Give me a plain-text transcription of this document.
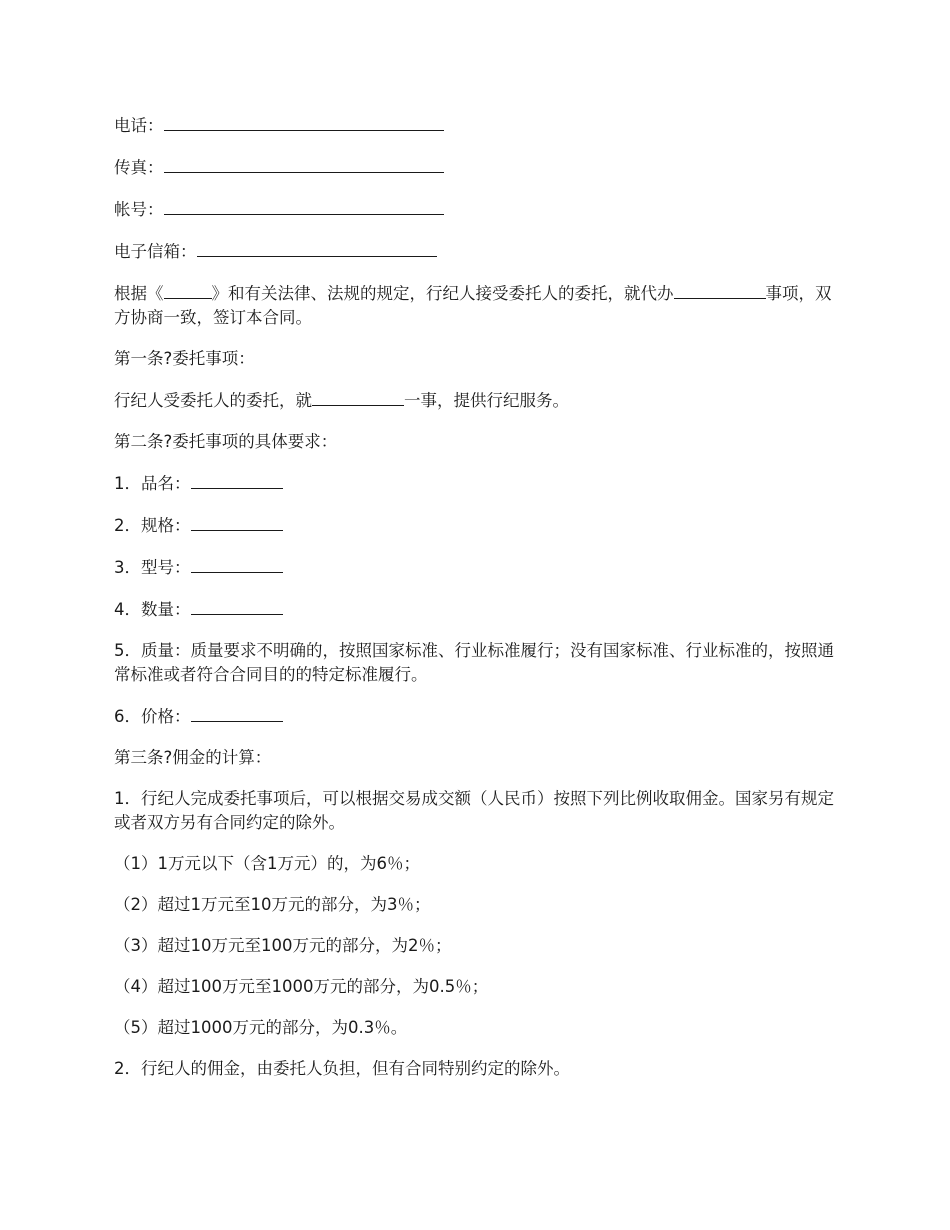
电话：
传真：
帐号：
电子信箱：
根据《	》和有关法律、法规的规定，行纪人接受委托人的委托，就代办	事项，双方协商一致，签订本合同。
第一条?委托事项：
行纪人受委托人的委托，就	一事，提供行纪服务。
第二条?委托事项的具体要求：
1．品名：
2．规格：
3．型号：
4．数量：
5．质量：质量要求不明确的，按照国家标准、行业标准履行；没有国家标准、行业标准的，按照通常标准或者符合合同目的的特定标准履行。
6．价格：
第三条?佣金的计算：
1．行纪人完成委托事项后，可以根据交易成交额（人民币）按照下列比例收取佣金。国家另有规定或者双方另有合同约定的除外。
（1）1万元以下（含1万元）的，为6％；
（2）超过1万元至10万元的部分，为3％；
（3）超过10万元至100万元的部分，为2％；
（4）超过100万元至1000万元的部分，为0.5％；
（5）超过1000万元的部分，为0.3％。
2．行纪人的佣金，由委托人负担，但有合同特别约定的除外。
